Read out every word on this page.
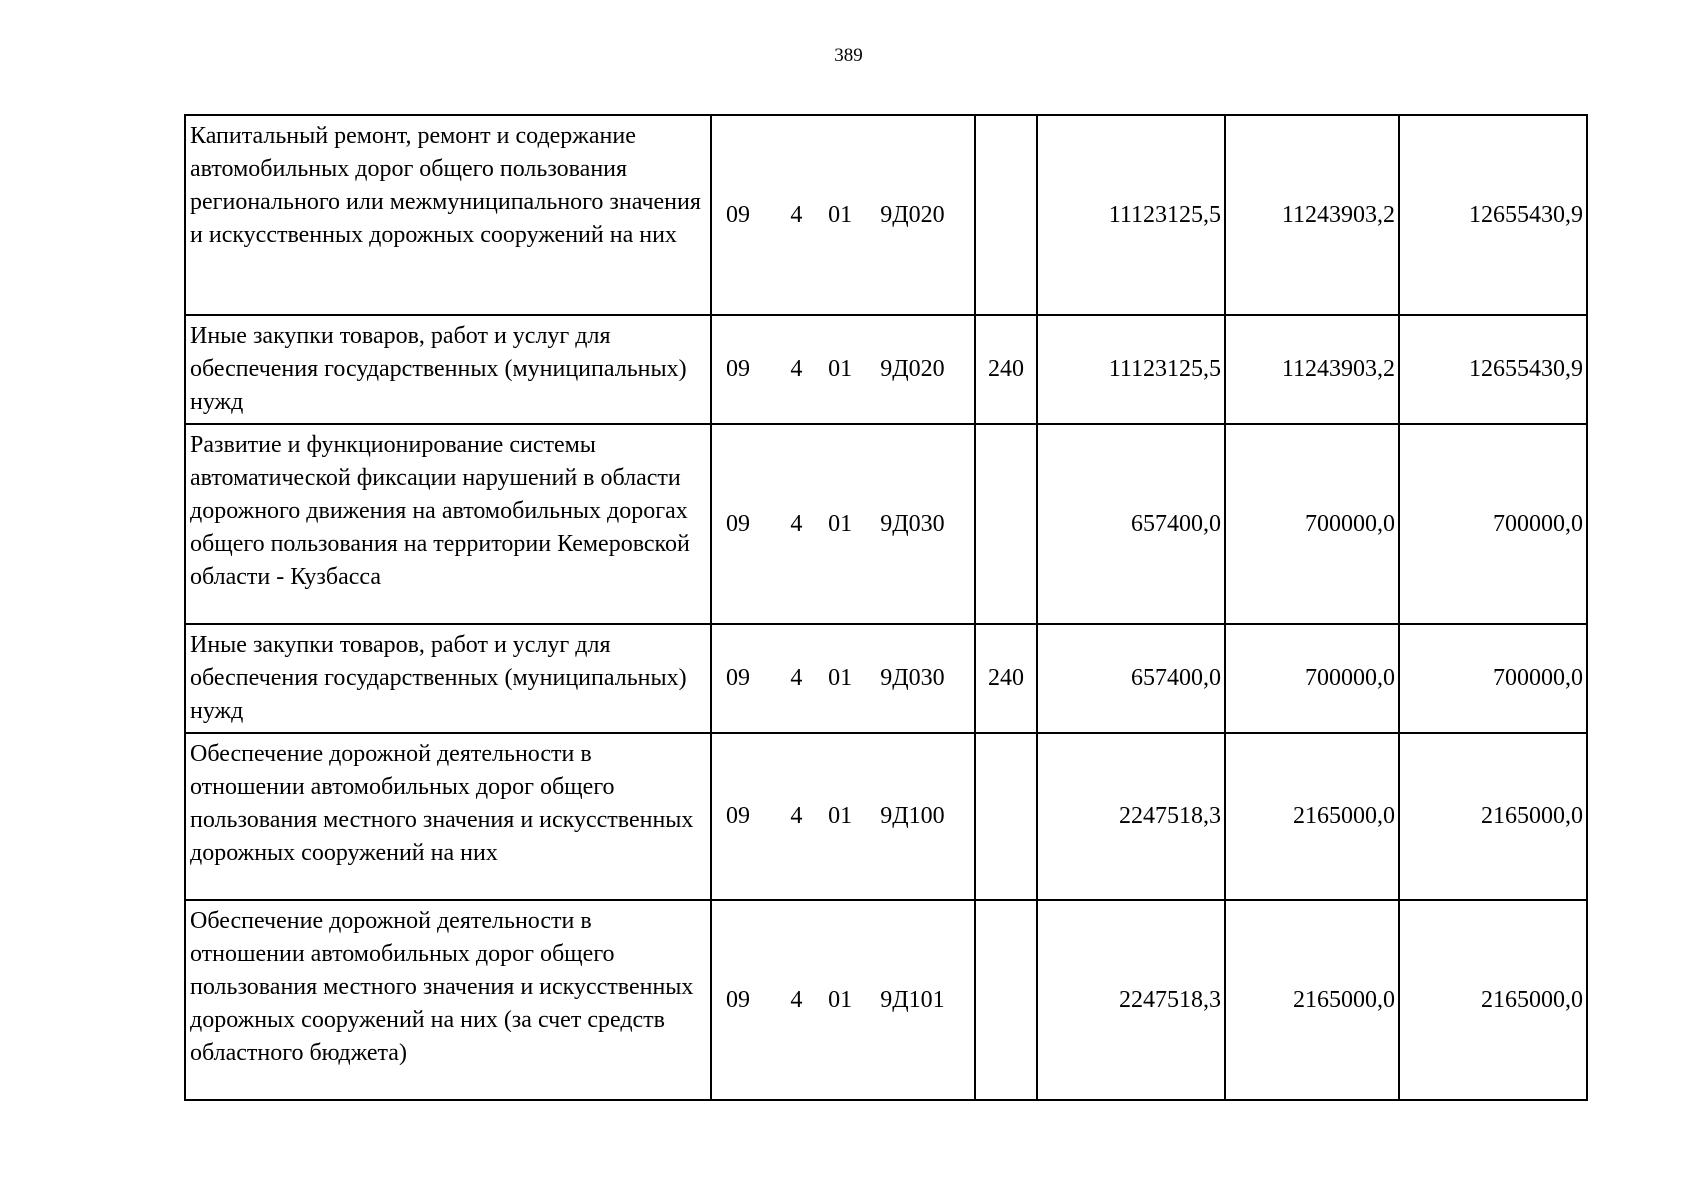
389
Капитальный ремонт, ремонт и содержание автомобильных дорог общего пользования регионального или межмуниципального значения и искусственных дорожных сооружений на них	09 4 01 9Д020		11123125,5	11243903,2	12655430,9
Иные закупки товаров, работ и услуг для обеспечения государственных (муниципальных) нужд	09 4 01 9Д020	240	11123125,5	11243903,2	12655430,9
Развитие и функционирование системы автоматической фиксации нарушений в области дорожного движения на автомобильных дорогах общего пользования на территории Кемеровской области - Кузбасса	09 4 01 9Д030		657400,0	700000,0	700000,0
Иные закупки товаров, работ и услуг для обеспечения государственных (муниципальных) нужд	09 4 01 9Д030	240	657400,0	700000,0	700000,0
Обеспечение дорожной деятельности в отношении автомобильных дорог общего пользования местного значения и искусственных дорожных сооружений на них	09 4 01 9Д100		2247518,3	2165000,0	2165000,0
Обеспечение дорожной деятельности в отношении автомобильных дорог общего пользования местного значения и искусственных дорожных сооружений на них (за счет средств областного бюджета)	09 4 01 9Д101		2247518,3	2165000,0	2165000,0
